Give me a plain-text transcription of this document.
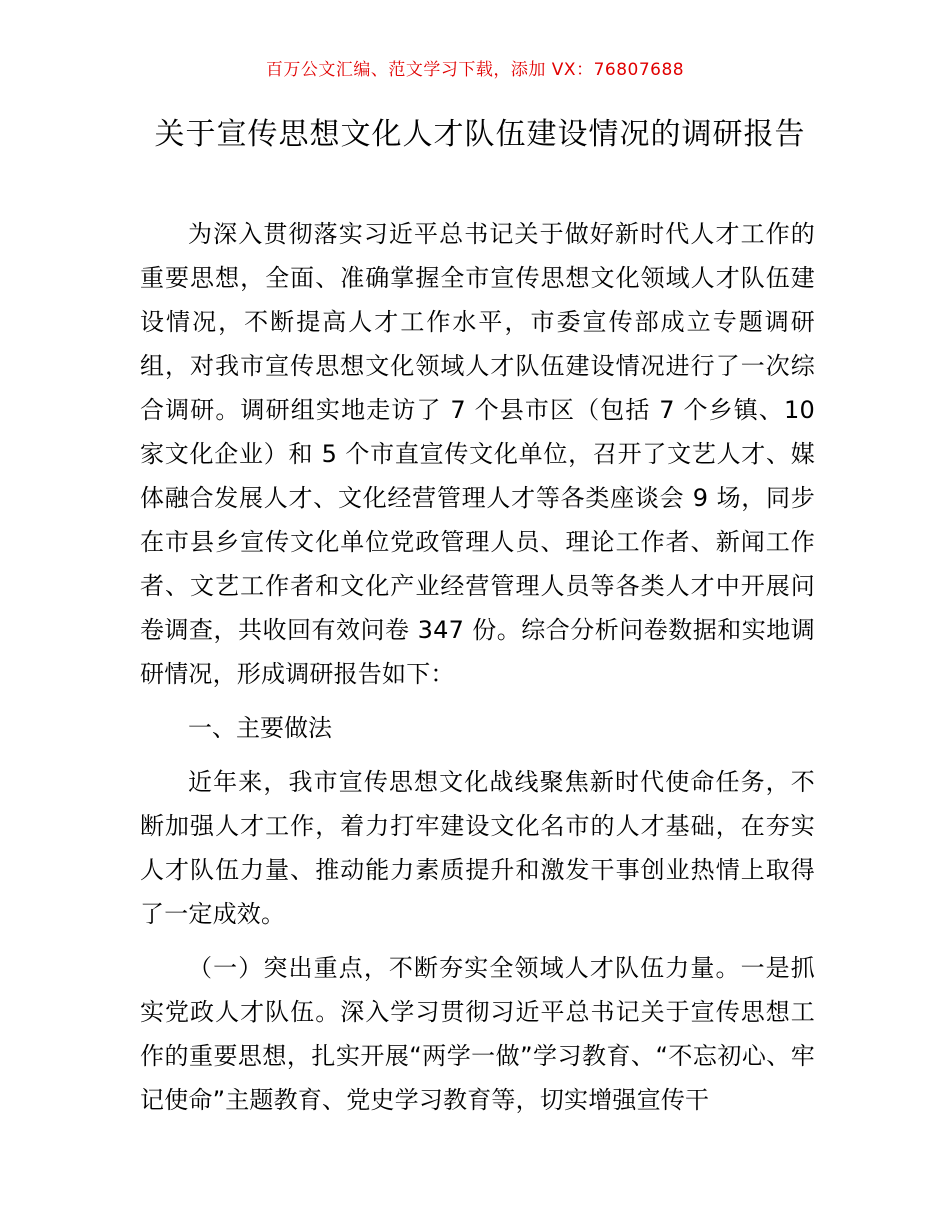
百万公文汇编、范文学习下载，添加 VX：76807688
关于宣传思想文化人才队伍建设情况的调研报告

为深入贯彻落实习近平总书记关于做好新时代人才工作的重要思想，全面、准确掌握全市宣传思想文化领域人才队伍建设情况，不断提高人才工作水平，市委宣传部成立专题调研组，对我市宣传思想文化领域人才队伍建设情况进行了一次综合调研。调研组实地走访了 7 个县市区（包括 7 个乡镇、10 家文化企业）和 5 个市直宣传文化单位，召开了文艺人才、媒体融合发展人才、文化经营管理人才等各类座谈会 9 场，同步在市县乡宣传文化单位党政管理人员、理论工作者、新闻工作者、文艺工作者和文化产业经营管理人员等各类人才中开展问卷调查，共收回有效问卷 347 份。综合分析问卷数据和实地调研情况，形成调研报告如下：

一、主要做法

近年来，我市宣传思想文化战线聚焦新时代使命任务，不断加强人才工作，着力打牢建设文化名市的人才基础，在夯实人才队伍力量、推动能力素质提升和激发干事创业热情上取得了一定成效。

（一）突出重点，不断夯实全领域人才队伍力量。一是抓实党政人才队伍。深入学习贯彻习近平总书记关于宣传思想工作的重要思想，扎实开展“两学一做”学习教育、“不忘初心、牢记使命”主题教育、党史学习教育等，切实增强宣传干
